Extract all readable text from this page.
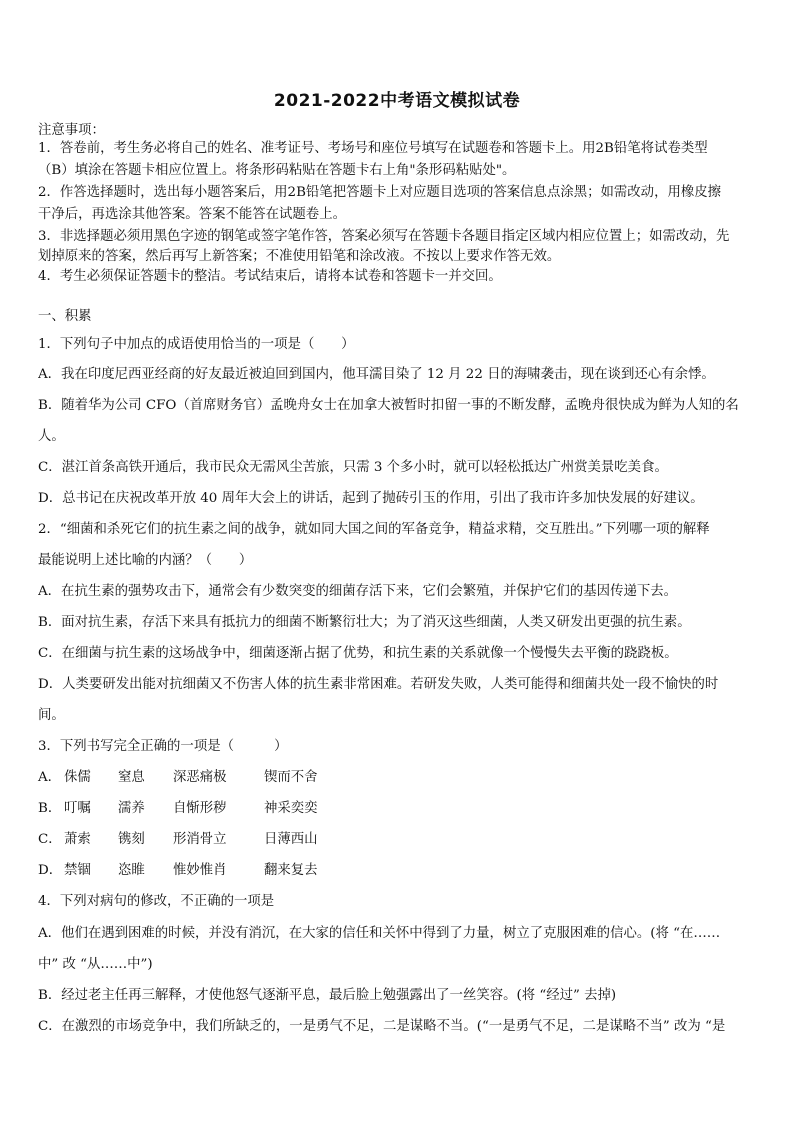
2021-2022中考语文模拟试卷
注意事项：
1．答卷前，考生务必将自己的姓名、准考证号、考场号和座位号填写在试题卷和答题卡上。用2B铅笔将试卷类型
（B）填涂在答题卡相应位置上。将条形码粘贴在答题卡右上角"条形码粘贴处"。
2．作答选择题时，选出每小题答案后，用2B铅笔把答题卡上对应题目选项的答案信息点涂黑；如需改动，用橡皮擦
干净后，再选涂其他答案。答案不能答在试题卷上。
3．非选择题必须用黑色字迹的钢笔或签字笔作答，答案必须写在答题卡各题目指定区域内相应位置上；如需改动，先
划掉原来的答案，然后再写上新答案；不准使用铅笔和涂改液。不按以上要求作答无效。
4．考生必须保证答题卡的整洁。考试结束后，请将本试卷和答题卡一并交回。
一、积累
1．下列句子中加点的成语使用恰当的一项是（　　）
A．我在印度尼西亚经商的好友最近被迫回到国内，他耳濡目染了 12 月 22 日的海啸袭击，现在谈到还心有余悸。
B．随着华为公司 CFO（首席财务官）孟晚舟女士在加拿大被暂时扣留一事的不断发酵，孟晚舟很快成为鲜为人知的名
人。
C．湛江首条高铁开通后，我市民众无需风尘苦旅，只需 3 个多小时，就可以轻松抵达广州赏美景吃美食。
D．总书记在庆祝改革开放 40 周年大会上的讲话，起到了抛砖引玉的作用，引出了我市许多加快发展的好建议。
2．“细菌和杀死它们的抗生素之间的战争，就如同大国之间的军备竞争，精益求精，交互胜出。”下列哪一项的解释
最能说明上述比喻的内涵？（　　）
A．在抗生素的强势攻击下，通常会有少数突变的细菌存活下来，它们会繁殖，并保护它们的基因传递下去。
B．面对抗生素，存活下来具有抵抗力的细菌不断繁衍壮大；为了消灭这些细菌，人类又研发出更强的抗生素。
C．在细菌与抗生素的这场战争中，细菌逐渐占据了优势，和抗生素的关系就像一个慢慢失去平衡的跷跷板。
D．人类要研发出能对抗细菌又不伤害人体的抗生素非常困难。若研发失败，人类可能得和细菌共处一段不愉快的时
间。
3．下列书写完全正确的一项是（　　　）
A． 侏儒 窒息 深恶痛极	锲而不舍
B． 叮嘱 濡养 自惭形秽	神采奕奕
C． 萧索 镌刻 形消骨立	日薄西山
D． 禁锢 恣睢 惟妙惟肖	翻来复去
4．下列对病句的修改，不正确的一项是
A．他们在遇到困难的时候，并没有消沉，在大家的信任和关怀中得到了力量，树立了克服困难的信心。(将 “在……
中” 改 “从……中”)
B．经过老主任再三解释，才使他怒气逐渐平息，最后脸上勉强露出了一丝笑容。(将 “经过” 去掉)
C．在激烈的市场竞争中，我们所缺乏的，一是勇气不足，二是谋略不当。(“一是勇气不足，二是谋略不当” 改为 “是
